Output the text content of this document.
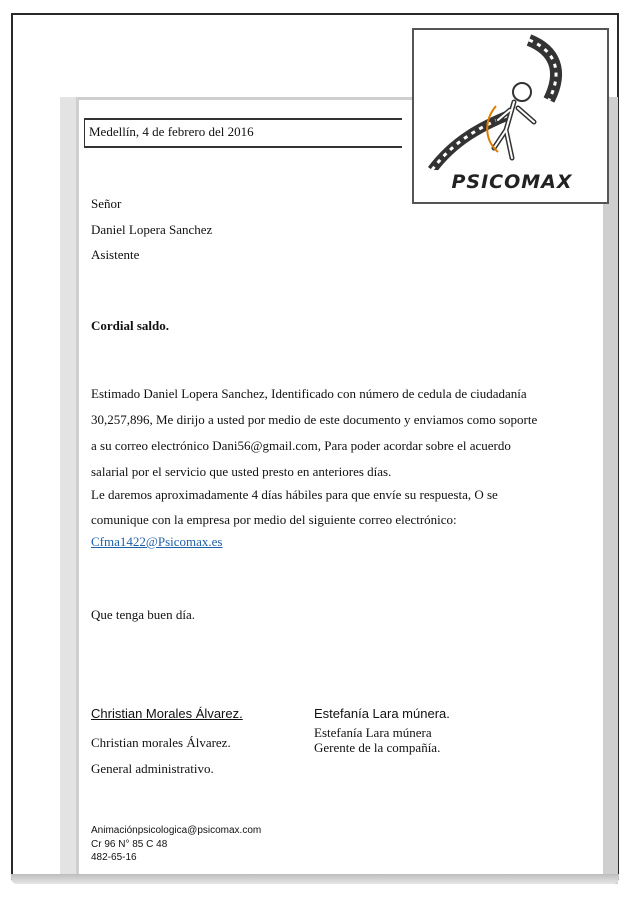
Medellín, 4 de febrero del 2016
PSICOMAX
Señor
Daniel Lopera Sanchez
Asistente
Cordial saldo.
Estimado Daniel Lopera Sanchez, Identificado con número de cedula de ciudadanía
30,257,896, Me dirijo a usted por medio de este documento y enviamos como soporte
a su correo electrónico Dani56@gmail.com, Para poder acordar sobre el acuerdo
salarial por el servicio que usted presto en anteriores días.
Le daremos aproximadamente 4 días hábiles para que envíe su respuesta, O se
comunique con la empresa por medio del siguiente correo electrónico:
Cfma1422@Psicomax.es
Que tenga buen día.
Christian Morales Álvarez.
Christian morales Álvarez.
General administrativo.
Estefanía Lara múnera.
Estefanía Lara múnera
Gerente de la compañía.
Animaciónpsicologica@psicomax.com
Cr 96 N° 85 C 48
482-65-16
